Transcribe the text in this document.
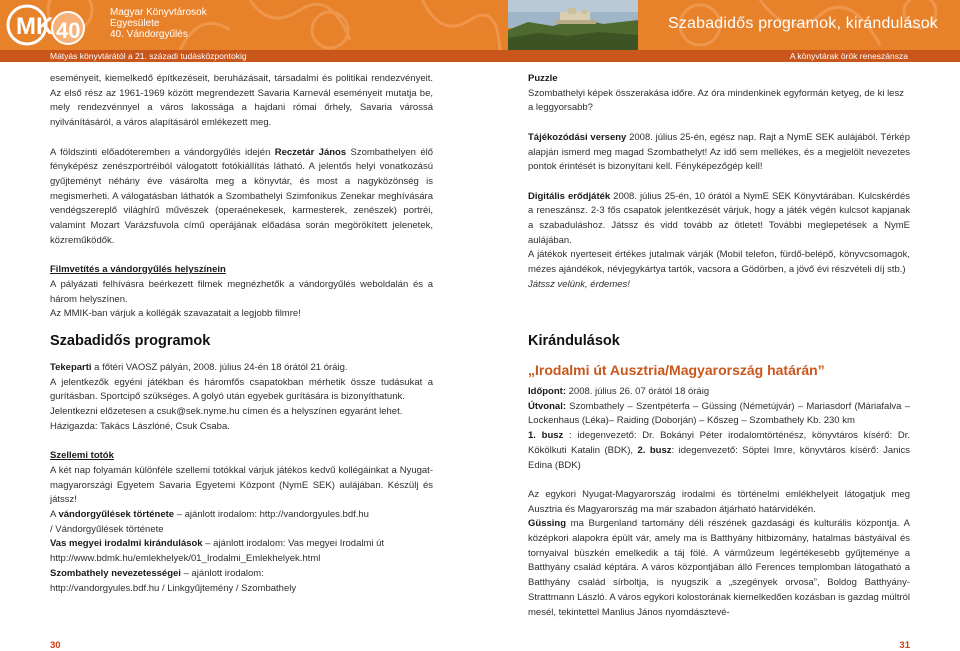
MK 40
Magyar Könyvtárosok
Egyesülete
40. Vándorgyűlés
Szabadidős programok, kirándulások
Mátyás könyvtárától a 21. századi tudásközpontokig	A könyvtárak örök reneszánsza

eseményeit, kiemelkedő építkezéseit, beruházásait, társadalmi és politikai rendezvényeit. Az első rész az 1961-1969 között megrendezett Savaria Karnevál eseményeit mutatja be, mely rendezvénnyel a város lakossága a hajdani római őrhely, Savaria várossá nyilvánításáról, a város alapításáról emlékezett meg.

A földszinti előadóteremben a vándorgyűlés idején Reczetár János Szombathelyen élő fényképész zenészportréiból válogatott fotókiállítás látható. A jelentős helyi vonatkozású gyűjteményt néhány éve vásárolta meg a könyvtár, és most a nagyközönség is megismerheti. A válogatásban láthatók a Szombathelyi Szimfonikus Zenekar meghívására vendégszereplő világhírű művészek (operaénekesek, karmesterek, zenészek) portréi, valamint Mozart Varázsfuvola című operájának előadása során megörökített jelenetek, közreműködők.

Filmvetítés a vándorgyűlés helyszínein

A pályázati felhívásra beérkezett filmek megnézhetők a vándorgyűlés weboldalán és a három helyszínen.

Az MMIK-ban várjuk a kollégák szavazatait a legjobb filmre!

Puzzle

Szombathelyi képek összerakása időre. Az óra mindenkinek egyformán ketyeg, de ki lesz a leggyorsabb?

Tájékozódási verseny 2008. július 25-én, egész nap. Rajt a NymE SEK aulájából. Térkép alapján ismerd meg magad Szombathelyt! Az idő sem mellékes, és a megjelölt nevezetes pontok érintését is bizonyítani kell. Fényképezőgép kell!

Digitális erődjáték 2008. július 25-én, 10 órától a NymE SEK Könyvtárában. Kulcskérdés a reneszánsz. 2-3 fős csapatok jelentkezését várjuk, hogy a játék végén kulcsot kapjanak a szabaduláshoz. Játssz és vidd tovább az ötletet! További meglepetések a NymE aulájában.

A játékok nyerteseit értékes jutalmak várják (Mobil telefon, fürdő-belépő, könyvcsomagok, mézes ajándékok, névjegykártya tartók, vacsora a Gödörben, a jövő évi részvételi díj stb.)

Játssz velünk, érdemes!

Szabadidős programok	Kirándulások

Tekeparti a főtéri VAOSZ pályán, 2008. július 24-én 18 órától 21 óráig.

A jelentkezők egyéni játékban és háromfős csapatokban mérhetik össze tudásukat a gurításban. Sportcipő szükséges. A golyó után egyebek gurítására is bizonyíthatunk.

Jelentkezni előzetesen a csuk@sek.nyme.hu címen és a helyszínen egyaránt lehet.

Házigazda: Takács Lászlóné, Csuk Csaba.

Szellemi totók

A két nap folyamán különféle szellemi totókkal várjuk játékos kedvű kollégáinkat a Nyugat-magyarországi Egyetem Savaria Egyetemi Központ (NymE SEK) aulájában. Készülj és játssz!

A vándorgyűlések története – ajánlott irodalom: http://vandorgyules.bdf.hu

/ Vándorgyűlések története

Vas megyei irodalmi kirándulások – ajánlott irodalom: Vas megyei Irodalmi út http://www.bdmk.hu/emlekhelyek/01_Irodalmi_Emlekhelyek.html

Szombathely nevezetességei – ajánlott irodalom:

http://vandorgyules.bdf.hu / Linkgyűjtemény / Szombathely

„Irodalmi út Ausztria/Magyarország határán”

Időpont: 2008. július 26. 07 órától 18 óráig

Útvonal: Szombathely – Szentpéterfa – Güssing (Németújvár) – Mariasdorf (Máriafalva – Lockenhaus (Léka)– Raiding (Doborján) – Kőszeg – Szombathely Kb. 230 km

1. busz : idegenvezető: Dr. Bokányi Péter irodalomtörténész, könyvtáros kísérő: Dr. Kökölkuti Katalin (BDK), 2. busz: idegenvezető: Söptei Imre, könyvtáros kísérő: Janics Edina (BDK)

Az egykori Nyugat-Magyarország irodalmi és történelmi emlékhelyeit látogatjuk meg Ausztria és Magyarország ma már szabadon átjárható határvidékén.

Güssing ma Burgenland tartomány déli részének gazdasági és kulturális központja. A középkori alapokra épült vár, amely ma is Batthyány hitbizomány, hatalmas bástyáival és tornyaival büszkén emelkedik a táj fölé. A várműzeum legértékesebb gyűjteménye a Batthyány család képtára. A város központjában álló Ferences templomban látogatható a Batthyány család sírboltja, is nyugszik a „szegények orvosa”, Boldog Batthyány-Strattmann László. A város egykori kolostorának kiemelkedően kozásban is gazdag múltról mesél, tekintettel Manlius János nyomdásztevé-

30	31
